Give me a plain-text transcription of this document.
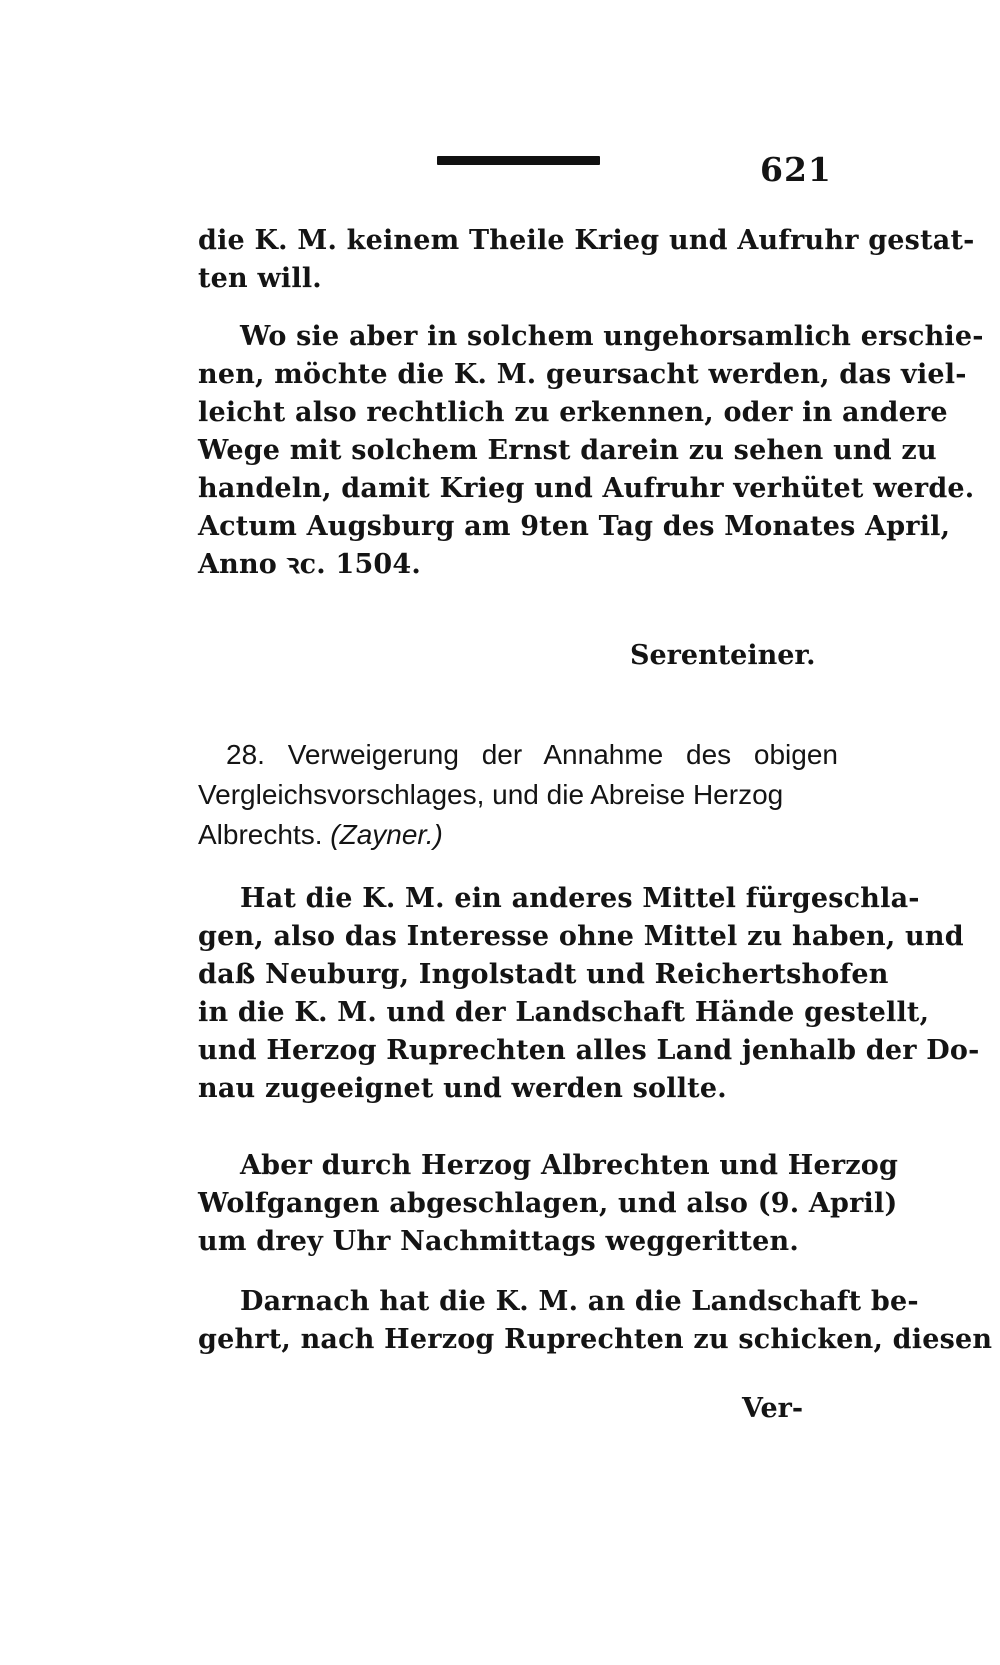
621
die K. M. keinem Theile Krieg und Aufruhr gestat-
ten will.
Wo sie aber in solchem ungehorsamlich erschie-
nen, möchte die K. M. geursacht werden, das viel-
leicht also rechtlich zu erkennen, oder in andere
Wege mit solchem Ernst darein zu sehen und zu
handeln, damit Krieg und Aufruhr verhütet werde.
Actum Augsburg am 9ten Tag des Monates April,
Anno ꝛc. 1504.
Serenteiner.
28. Verweigerung der Annahme des obigen
Vergleichsvorschlages, und die Abreise Herzog
Albrechts. (Zayner.)
Hat die K. M. ein anderes Mittel fürgeschla-
gen, also das Interesse ohne Mittel zu haben, und
daß Neuburg, Ingolstadt und Reichertshofen
in die K. M. und der Landschaft Hände gestellt,
und Herzog Ruprechten alles Land jenhalb der Do-
nau zugeeignet und werden sollte.
Aber durch Herzog Albrechten und Herzog
Wolfgangen abgeschlagen, und also (9. April)
um drey Uhr Nachmittags weggeritten.
Darnach hat die K. M. an die Landschaft be-
gehrt, nach Herzog Ruprechten zu schicken, diesen
Ver-
